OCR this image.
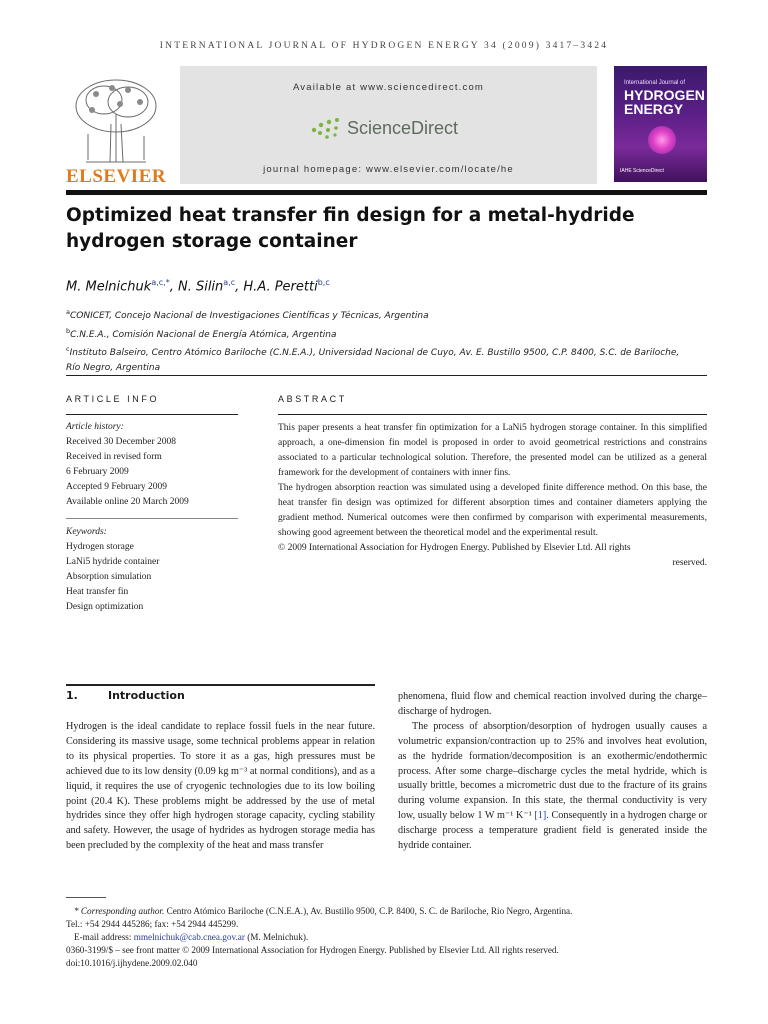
INTERNATIONAL JOURNAL OF HYDROGEN ENERGY 34 (2009) 3417–3424
ELSEVIER
Available at www.sciencedirect.com
ScienceDirect
journal homepage: www.elsevier.com/locate/he
International Journal of
HYDROGEN
ENERGY
IAHE ScienceDirect
Optimized heat transfer fin design for a metal-hydride
hydrogen storage container
M. Melnichuk$^{a,c,*}$, N. Silin$^{a,c}$, H.A. Peretti$^{b,c}$
$^a$CONICET, Concejo Nacional de Investigaciones Científicas y Técnicas, Argentina
$^b$C.N.E.A., Comisión Nacional de Energía Atómica, Argentina
$^c$Instituto Balseiro, Centro Atómico Bariloche (C.N.E.A.), Universidad Nacional de Cuyo, Av. E. Bustillo 9500, C.P. 8400, S.C. de Bariloche,
Río Negro, Argentina
ARTICLE INFO
Article history:
Received 30 December 2008
Received in revised form
6 February 2009
Accepted 9 February 2009
Available online 20 March 2009
Keywords:
Hydrogen storage
LaNi5 hydride container
Absorption simulation
Heat transfer fin
Design optimization
ABSTRACT

This paper presents a heat transfer fin optimization for a LaNi5 hydrogen storage container. In this simplified approach, a one-dimension fin model is proposed in order to avoid geometrical restrictions and constrains associated to a particular technological solution. Therefore, the presented model can be utilized as a general framework for the development of containers with inner fins.

The hydrogen absorption reaction was simulated using a developed finite difference method. On this base, the heat transfer fin design was optimized for different absorption times and container diameters applying the gradient method. Numerical outcomes were then confirmed by comparison with experimental measurements, showing good agreement between the theoretical model and the experimental result.

© 2009 International Association for Hydrogen Energy. Published by Elsevier Ltd. All rights

reserved.

1.	Introduction

Hydrogen is the ideal candidate to replace fossil fuels in the near future. Considering its massive usage, some technical problems appear in relation to its physical properties. To store it as a gas, high pressures must be achieved due to its low density (0.09 kg m⁻³ at normal conditions), and as a liquid, it requires the use of cryogenic technologies due to its low boiling point (20.4 K). These problems might be addressed by the use of metal hydrides since they offer high hydrogen storage capacity, cycling stability and safety. However, the usage of hydrides as hydrogen storage media has been precluded by the complexity of the heat and mass transfer

phenomena, fluid flow and chemical reaction involved during the charge–discharge of hydrogen.

The process of absorption/desorption of hydrogen usually causes a volumetric expansion/contraction up to 25% and involves heat evolution, as the hydride formation/decomposition is an exothermic/endothermic process. After some charge–discharge cycles the metal hydride, which is usually brittle, becomes a micrometric dust due to the fracture of its grains during volume expansion. In this state, the thermal conductivity is very low, usually below 1 W m⁻¹ K⁻¹ [1]. Consequently in a hydrogen charge or discharge process a temperature gradient field is generated inside the hydride container.

* Corresponding author. Centro Atómico Bariloche (C.N.E.A.), Av. Bustillo 9500, C.P. 8400, S. C. de Bariloche, Rio Negro, Argentina.
Tel.: +54 2944 445286; fax: +54 2944 445299.
E-mail address: mmelnichuk@cab.cnea.gov.ar (M. Melnichuk).
0360-3199/$ – see front matter © 2009 International Association for Hydrogen Energy. Published by Elsevier Ltd. All rights reserved.
doi:10.1016/j.ijhydene.2009.02.040
